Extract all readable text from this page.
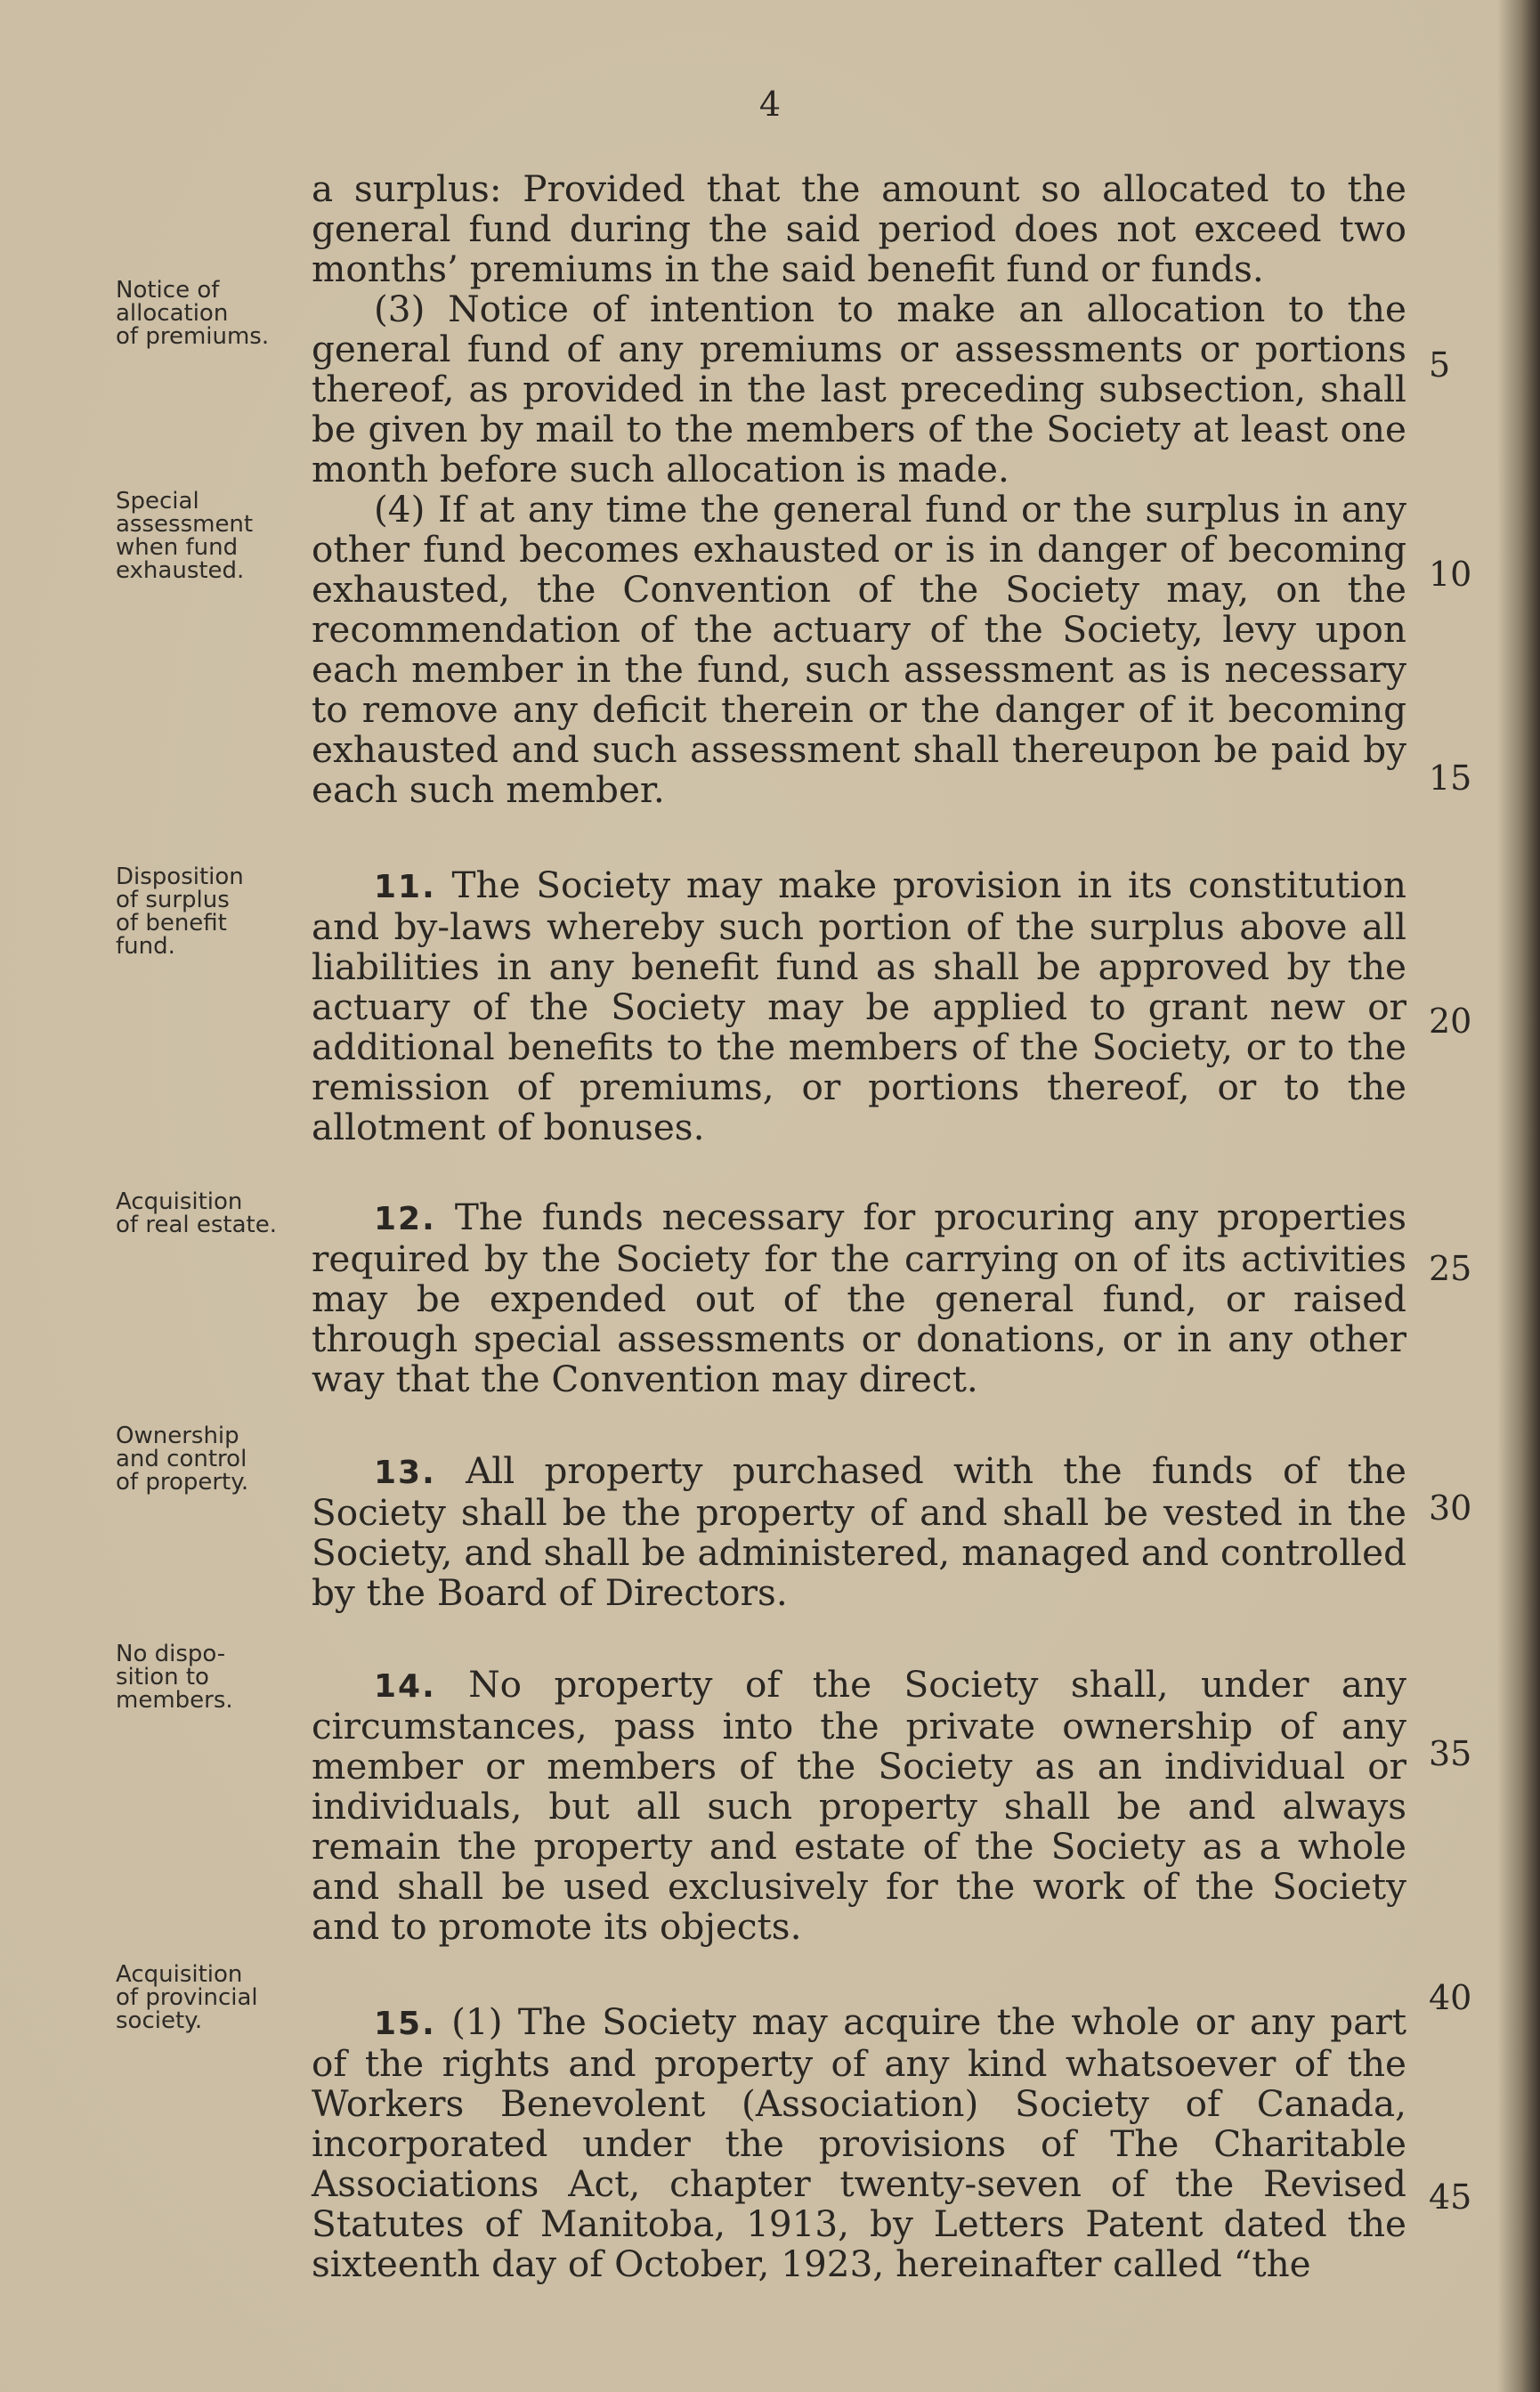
4
Notice of
allocation
of premiums.
Special
assessment
when fund
exhausted.
Disposition
of surplus
of benefit
fund.
Acquisition
of real estate.
Ownership
and control
of property.
No dispo-
sition to
members.
Acquisition
of provincial
society.

a surplus: Provided that the amount so allocated to the general fund during the said period does not exceed two months’ premiums in the said benefit fund or funds.

(3) Notice of intention to make an allocation to the general fund of any premiums or assessments or portions thereof, as provided in the last preceding subsection, shall be given by mail to the members of the Society at least one month before such allocation is made.

(4) If at any time the general fund or the surplus in any other fund becomes exhausted or is in danger of becoming exhausted, the Convention of the Society may, on the recommendation of the actuary of the Society, levy upon each member in the fund, such assessment as is necessary to remove any deficit therein or the danger of it becoming exhausted and such assessment shall thereupon be paid by each such member.

11. The Society may make provision in its constitution and by-laws whereby such portion of the surplus above all liabilities in any benefit fund as shall be approved by the actuary of the Society may be applied to grant new or additional benefits to the members of the Society, or to the remission of premiums, or portions thereof, or to the allotment of bonuses.

12. The funds necessary for procuring any properties required by the Society for the carrying on of its activities may be expended out of the general fund, or raised through special assessments or donations, or in any other way that the Convention may direct.

13. All property purchased with the funds of the Society shall be the property of and shall be vested in the Society, and shall be administered, managed and controlled by the Board of Directors.

14. No property of the Society shall, under any circumstances, pass into the private ownership of any member or members of the Society as an individual or individuals, but all such property shall be and always remain the property and estate of the Society as a whole and shall be used exclusively for the work of the Society and to promote its objects.

15. (1) The Society may acquire the whole or any part of the rights and property of any kind whatsoever of the Workers Benevolent (Association) Society of Canada, incorporated under the provisions of The Charitable Associations Act, chapter twenty-seven of the Revised Statutes of Manitoba, 1913, by Letters Patent dated the sixteenth day of October, 1923, hereinafter called “the

5
10
15
20
25
30
35
40
45
